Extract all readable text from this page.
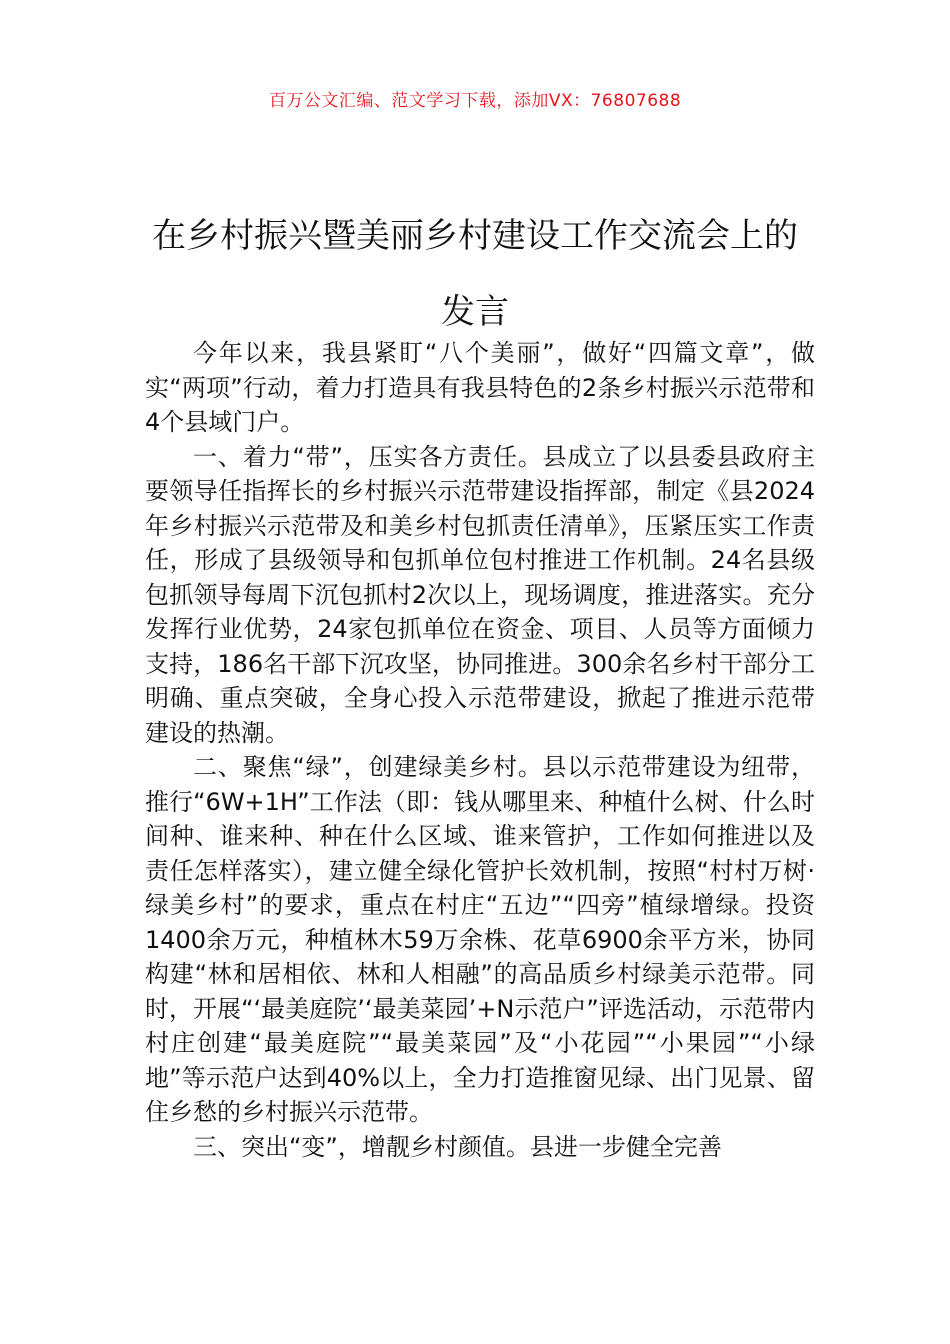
百万公文汇编、范文学习下载，添加VX：76807688
在乡村振兴暨美丽乡村建设工作交流会上的发言

今年以来，我县紧盯“八个美丽”，做好“四篇文章”，做实“两项”行动，着力打造具有我县特色的2条乡村振兴示范带和4个县域门户。

一、着力“带”，压实各方责任。县成立了以县委县政府主要领导任指挥长的乡村振兴示范带建设指挥部，制定《县2024年乡村振兴示范带及和美乡村包抓责任清单》，压紧压实工作责任，形成了县级领导和包抓单位包村推进工作机制。24名县级包抓领导每周下沉包抓村2次以上，现场调度，推进落实。充分发挥行业优势，24家包抓单位在资金、项目、人员等方面倾力支持，186名干部下沉攻坚，协同推进。300余名乡村干部分工明确、重点突破，全身心投入示范带建设，掀起了推进示范带建设的热潮。

二、聚焦“绿”，创建绿美乡村。县以示范带建设为纽带，推行“6W+1H”工作法（即：钱从哪里来、种植什么树、什么时间种、谁来种、种在什么区域、谁来管护，工作如何推进以及责任怎样落实），建立健全绿化管护长效机制，按照“村村万树·绿美乡村”的要求，重点在村庄“五边”“四旁”植绿增绿。投资1400余万元，种植林木59万余株、花草6900余平方米，协同构建“林和居相依、林和人相融”的高品质乡村绿美示范带。同时，开展“‘最美庭院’‘最美菜园’+N示范户”评选活动，示范带内村庄创建“最美庭院”“最美菜园”及“小花园”“小果园”“小绿地”等示范户达到40%以上，全力打造推窗见绿、出门见景、留住乡愁的乡村振兴示范带。

三、突出“变”，增靓乡村颜值。县进一步健全完善
